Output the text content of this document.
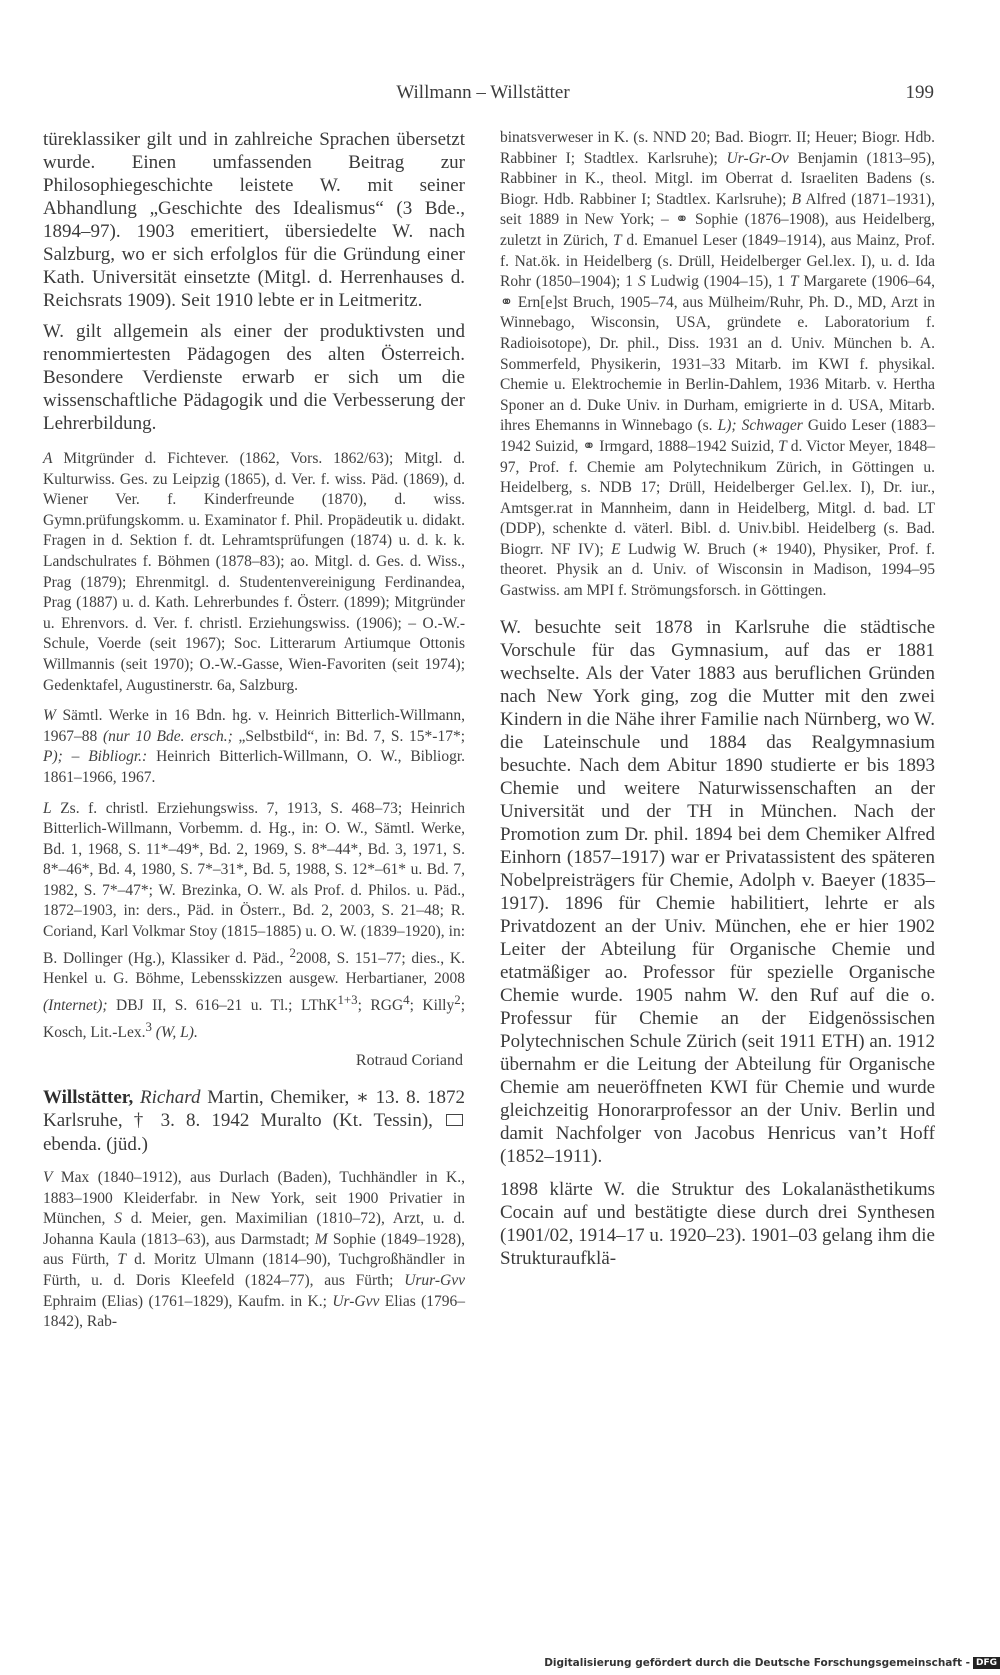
Willmann – Willstätter	199

türeklassiker gilt und in zahlreiche Sprachen übersetzt wurde. Einen umfassenden Beitrag zur Philosophiegeschichte leistete W. mit seiner Abhandlung „Geschichte des Idealismus“ (3 Bde., 1894–97). 1903 emeritiert, übersiedelte W. nach Salzburg, wo er sich erfolglos für die Gründung einer Kath. Universität einsetzte (Mitgl. d. Herrenhauses d. Reichsrats 1909). Seit 1910 lebte er in Leitmeritz.

W. gilt allgemein als einer der produktivsten und renommiertesten Pädagogen des alten Österreich. Besondere Verdienste erwarb er sich um die wissenschaftliche Pädagogik und die Verbesserung der Lehrerbildung.

A Mitgründer d. Fichtever. (1862, Vors. 1862/63); Mitgl. d. Kulturwiss. Ges. zu Leipzig (1865), d. Ver. f. wiss. Päd. (1869), d. Wiener Ver. f. Kinderfreunde (1870), d. wiss. Gymn.prüfungskomm. u. Examinator f. Phil. Propädeutik u. didakt. Fragen in d. Sektion f. dt. Lehramtsprüfungen (1874) u. d. k. k. Landschulrates f. Böhmen (1878–83); ao. Mitgl. d. Ges. d. Wiss., Prag (1879); Ehrenmitgl. d. Studentenvereinigung Ferdinandea, Prag (1887) u. d. Kath. Lehrerbundes f. Österr. (1899); Mitgründer u. Ehrenvors. d. Ver. f. christl. Erziehungswiss. (1906); – O.-W.-Schule, Voerde (seit 1967); Soc. Litterarum Artiumque Ottonis Willmannis (seit 1970); O.-W.-Gasse, Wien-Favoriten (seit 1974); Gedenktafel, Augustinerstr. 6a, Salzburg.

W Sämtl. Werke in 16 Bdn. hg. v. Heinrich Bitterlich-Willmann, 1967–88 (nur 10 Bde. ersch.; „Selbstbild“, in: Bd. 7, S. 15*-17*; P); – Bibliogr.: Heinrich Bitterlich-Willmann, O. W., Bibliogr. 1861–1966, 1967.

L Zs. f. christl. Erziehungswiss. 7, 1913, S. 468–73; Heinrich Bitterlich-Willmann, Vorbemm. d. Hg., in: O. W., Sämtl. Werke, Bd. 1, 1968, S. 11*–49*, Bd. 2, 1969, S. 8*–44*, Bd. 3, 1971, S. 8*–46*, Bd. 4, 1980, S. 7*–31*, Bd. 5, 1988, S. 12*–61* u. Bd. 7, 1982, S. 7*–47*; W. Brezinka, O. W. als Prof. d. Philos. u. Päd., 1872–1903, in: ders., Päd. in Österr., Bd. 2, 2003, S. 21–48; R. Coriand, Karl Volkmar Stoy (1815–1885) u. O. W. (1839–1920), in: B. Dollinger (Hg.), Klassiker d. Päd., $^2$2008, S. 151–77; dies., K. Henkel u. G. Böhme, Lebensskizzen ausgew. Herbartianer, 2008 (Internet); DBJ II, S. 616–21 u. Tl.; LThK$^{1+3}$; RGG$^4$; Killy$^2$; Kosch, Lit.-Lex.$^3$ (W, L).

Rotraud Coriand

Willstätter, Richard Martin, Chemiker, ∗ 13. 8. 1872 Karlsruhe, † 3. 8. 1942 Muralto (Kt. Tessin),  ebenda. (jüd.)

V Max (1840–1912), aus Durlach (Baden), Tuchhändler in K., 1883–1900 Kleiderfabr. in New York, seit 1900 Privatier in München, S d. Meier, gen. Maximilian (1810–72), Arzt, u. d. Johanna Kaula (1813–63), aus Darmstadt; M Sophie (1849–1928), aus Fürth, T d. Moritz Ulmann (1814–90), Tuchgroßhändler in Fürth, u. d. Doris Kleefeld (1824–77), aus Fürth; Urur-Gvv Ephraim (Elias) (1761–1829), Kaufm. in K.; Ur-Gvv Elias (1796–1842), Rab-

binatsverweser in K. (s. NND 20; Bad. Biogrr. II; Heuer; Biogr. Hdb. Rabbiner I; Stadtlex. Karlsruhe); Ur-Gr-Ov Benjamin (1813–95), Rabbiner in K., theol. Mitgl. im Oberrat d. Israeliten Badens (s. Biogr. Hdb. Rabbiner I; Stadtlex. Karlsruhe); B Alfred (1871–1931), seit 1889 in New York; – ⚭ Sophie (1876–1908), aus Heidelberg, zuletzt in Zürich, T d. Emanuel Leser (1849–1914), aus Mainz, Prof. f. Nat.ök. in Heidelberg (s. Drüll, Heidelberger Gel.lex. I), u. d. Ida Rohr (1850–1904); 1 S Ludwig (1904–15), 1 T Margarete (1906–64, ⚭ Ern[e]st Bruch, 1905–74, aus Mülheim/Ruhr, Ph. D., MD, Arzt in Winnebago, Wisconsin, USA, gründete e. Laboratorium f. Radioisotope), Dr. phil., Diss. 1931 an d. Univ. München b. A. Sommerfeld, Physikerin, 1931–33 Mitarb. im KWI f. physikal. Chemie u. Elektrochemie in Berlin-Dahlem, 1936 Mitarb. v. Hertha Sponer an d. Duke Univ. in Durham, emigrierte in d. USA, Mitarb. ihres Ehemanns in Winnebago (s. L); Schwager Guido Leser (1883–1942 Suizid, ⚭ Irmgard, 1888–1942 Suizid, T d. Victor Meyer, 1848–97, Prof. f. Chemie am Polytechnikum Zürich, in Göttingen u. Heidelberg, s. NDB 17; Drüll, Heidelberger Gel.lex. I), Dr. iur., Amtsger.rat in Mannheim, dann in Heidelberg, Mitgl. d. bad. LT (DDP), schenkte d. väterl. Bibl. d. Univ.bibl. Heidelberg (s. Bad. Biogrr. NF IV); E Ludwig W. Bruch (∗ 1940), Physiker, Prof. f. theoret. Physik an d. Univ. of Wisconsin in Madison, 1994–95 Gastwiss. am MPI f. Strömungsforsch. in Göttingen.

W. besuchte seit 1878 in Karlsruhe die städtische Vorschule für das Gymnasium, auf das er 1881 wechselte. Als der Vater 1883 aus beruflichen Gründen nach New York ging, zog die Mutter mit den zwei Kindern in die Nähe ihrer Familie nach Nürnberg, wo W. die Lateinschule und 1884 das Realgymnasium besuchte. Nach dem Abitur 1890 studierte er bis 1893 Chemie und weitere Naturwissenschaften an der Universität und der TH in München. Nach der Promotion zum Dr. phil. 1894 bei dem Chemiker Alfred Einhorn (1857–1917) war er Privatassistent des späteren Nobelpreisträgers für Chemie, Adolph v. Baeyer (1835–1917). 1896 für Chemie habilitiert, lehrte er als Privatdozent an der Univ. München, ehe er hier 1902 Leiter der Abteilung für Organische Chemie und etatmäßiger ao. Professor für spezielle Organische Chemie wurde. 1905 nahm W. den Ruf auf die o. Professur für Chemie an der Eidgenössischen Polytechnischen Schule Zürich (seit 1911 ETH) an. 1912 übernahm er die Leitung der Abteilung für Organische Chemie am neueröffneten KWI für Chemie und wurde gleichzeitig Honorarprofessor an der Univ. Berlin und damit Nachfolger von Jacobus Henricus van’t Hoff (1852–1911).

1898 klärte W. die Struktur des Lokalanästhetikums Cocain auf und bestätigte diese durch drei Synthesen (1901/02, 1914–17 u. 1920–23). 1901–03 gelang ihm die Strukturaufklä-

Digitalisierung gefördert durch die Deutsche Forschungsgemeinschaft - DFG
